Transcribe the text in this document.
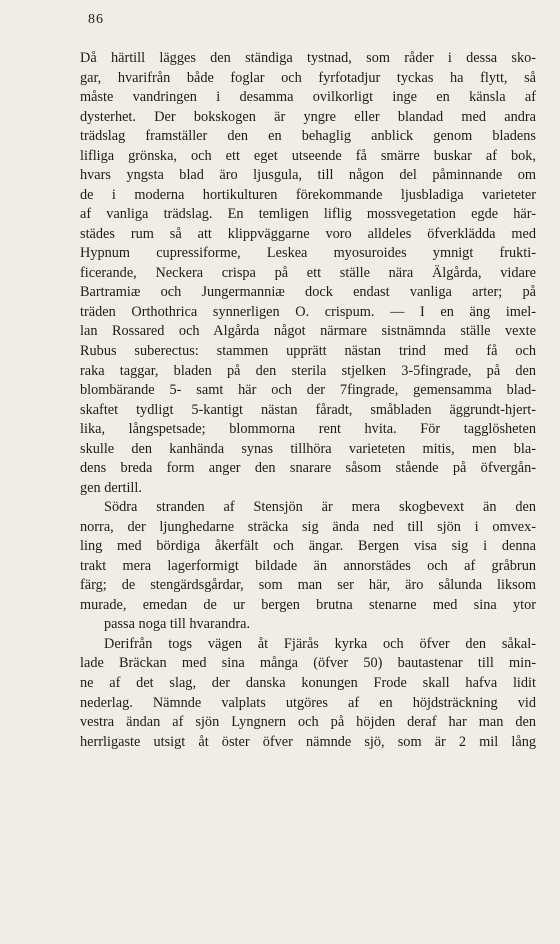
86
Då härtill lägges den ständiga tystnad, som råder i dessa sko-
gar, hvarifrån både foglar och fyrfotadjur tyckas ha flytt, så
måste vandringen i desamma ovilkorligt inge en känsla af
dysterhet. Der bokskogen är yngre eller blandad med andra
trädslag framställer den en behaglig anblick genom bladens
lifliga grönska, och ett eget utseende få smärre buskar af bok,
hvars yngsta blad äro ljusgula, till någon del påminnande om
de i moderna hortikulturen förekommande ljusbladiga varieteter
af vanliga trädslag. En temligen liflig mossvegetation egde här-
städes rum så att klippväggarne voro alldeles öfverklädda med
Hypnum cupressiforme, Leskea myosuroides ymnigt frukti-
ficerande, Neckera crispa på ett ställe nära Älgårda, vidare
Bartramiæ och Jungermanniæ dock endast vanliga arter; på
träden Orthothrica synnerligen O. crispum. — I en äng imel-
lan Rossared och Algårda något närmare sistnämnda ställe vexte
Rubus suberectus: stammen upprätt nästan trind med få och
raka taggar, bladen på den sterila stjelken 3-5fingrade, på den
blombärande 5- samt här och der 7fingrade, gemensamma blad-
skaftet tydligt 5-kantigt nästan fåradt, småbladen äggrundt-hjert-
lika, långspetsade; blommorna rent hvita. För tagglösheten
skulle den kanhända synas tillhöra varieteten mitis, men bla-
dens breda form anger den snarare såsom stående på öfvergån-
gen dertill.
Södra stranden af Stensjön är mera skogbevext än den
norra, der ljunghedarne sträcka sig ända ned till sjön i omvex-
ling med bördiga åkerfält och ängar. Bergen visa sig i denna
trakt mera lagerformigt bildade än annorstädes och af gråbrun
färg; de stengärdsgårdar, som man ser här, äro sålunda liksom
murade, emedan de ur bergen brutna stenarne med sina ytor
passa noga till hvarandra.
Derifrån togs vägen åt Fjärås kyrka och öfver den såkal-
lade Bräckan med sina många (öfver 50) bautastenar till min-
ne af det slag, der danska konungen Frode skall hafva lidit
nederlag. Nämnde valplats utgöres af en höjdsträckning vid
vestra ändan af sjön Lyngnern och på höjden deraf har man den
herrligaste utsigt åt öster öfver nämnde sjö, som är 2 mil lång
